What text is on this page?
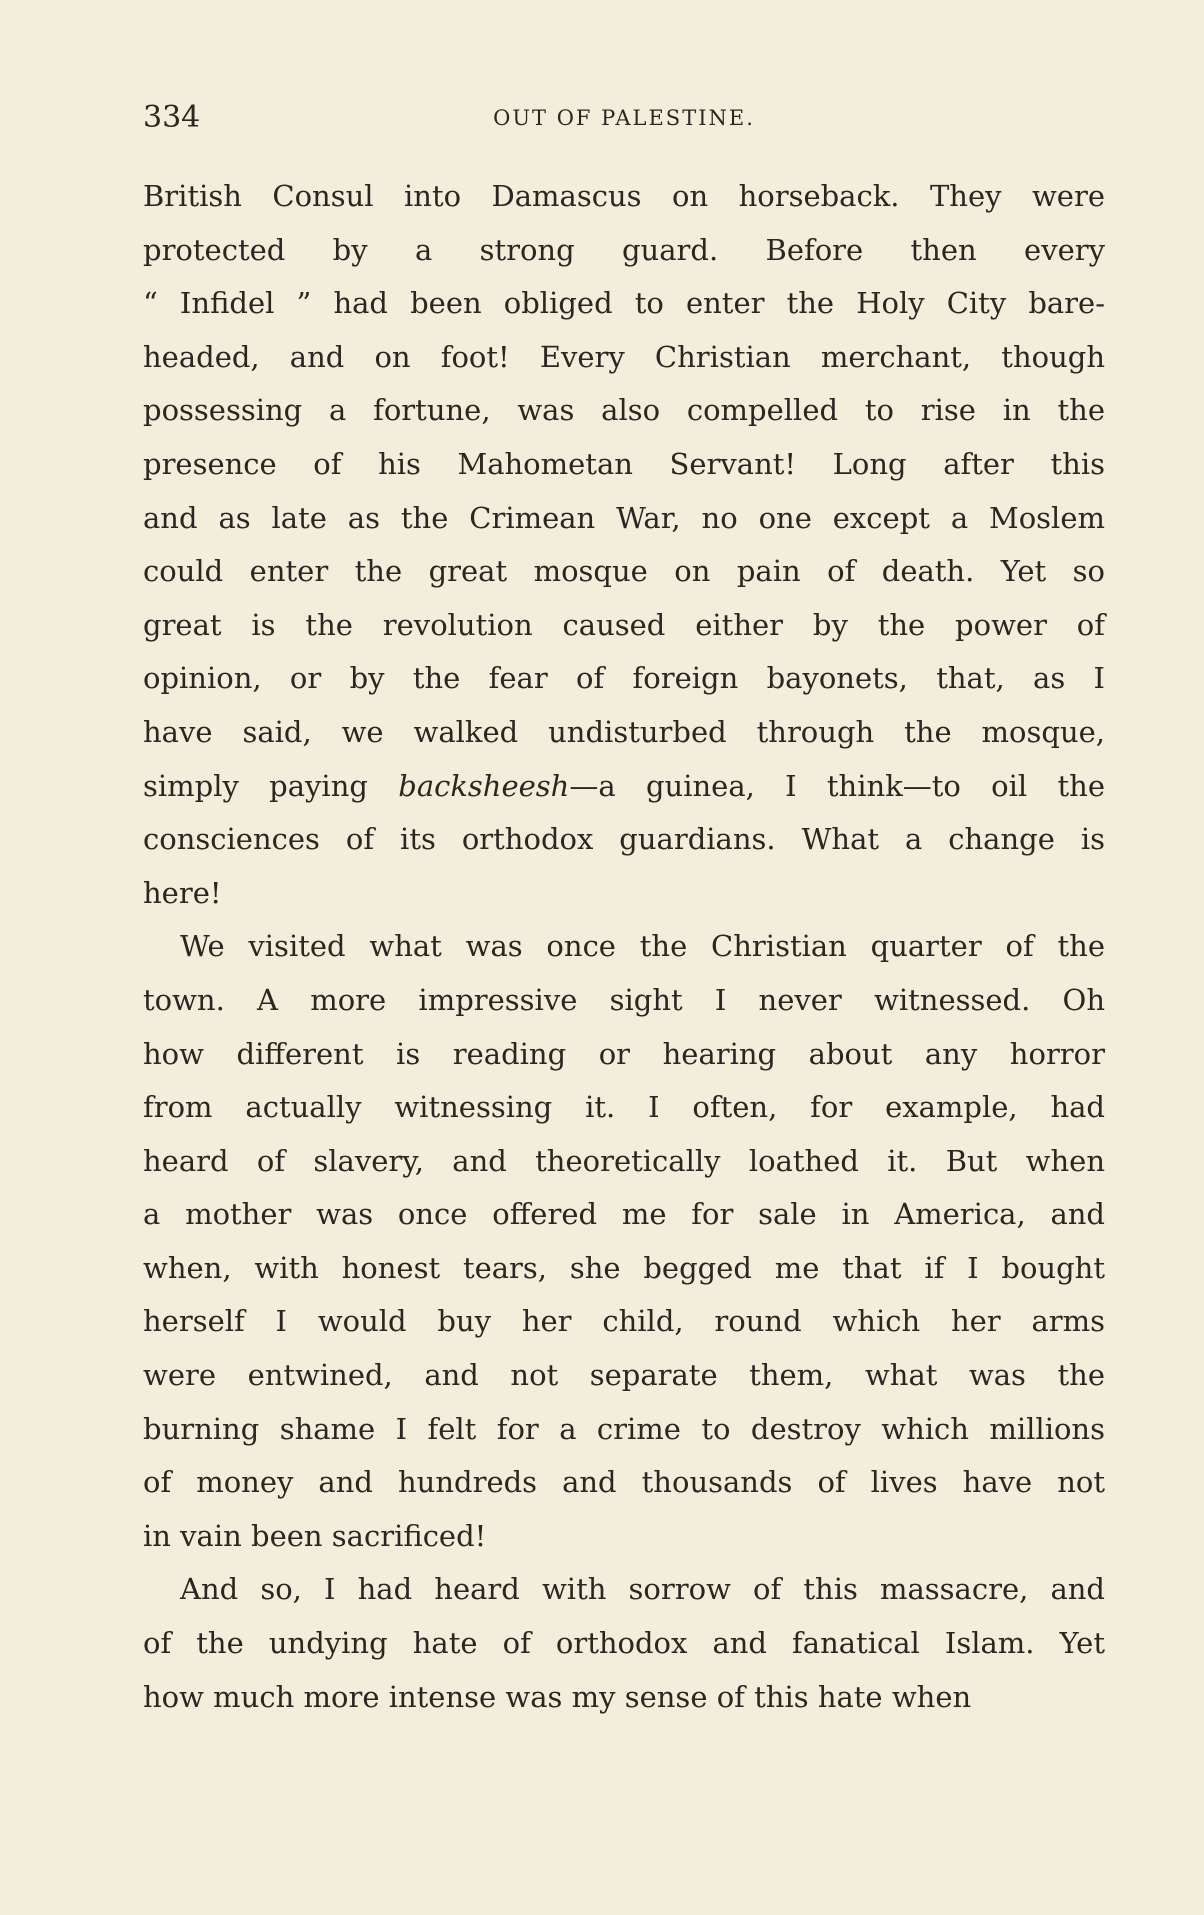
334	OUT OF PALESTINE.
British Consul into Damascus on horseback. They were
protected by a strong guard. Before then every
“ Infidel ” had been obliged to enter the Holy City bare-
headed, and on foot! Every Christian merchant, though
possessing a fortune, was also compelled to rise in the
presence of his Mahometan Servant! Long after this
and as late as the Crimean War, no one except a Moslem
could enter the great mosque on pain of death. Yet so
great is the revolution caused either by the power of
opinion, or by the fear of foreign bayonets, that, as I
have said, we walked undisturbed through the mosque,
simply paying backsheesh—a guinea, I think—to oil the
consciences of its orthodox guardians. What a change is
here!
We visited what was once the Christian quarter of the
town. A more impressive sight I never witnessed. Oh
how different is reading or hearing about any horror
from actually witnessing it. I often, for example, had
heard of slavery, and theoretically loathed it. But when
a mother was once offered me for sale in America, and
when, with honest tears, she begged me that if I bought
herself I would buy her child, round which her arms
were entwined, and not separate them, what was the
burning shame I felt for a crime to destroy which millions
of money and hundreds and thousands of lives have not
in vain been sacrificed!
And so, I had heard with sorrow of this massacre, and
of the undying hate of orthodox and fanatical Islam. Yet
how much more intense was my sense of this hate when
